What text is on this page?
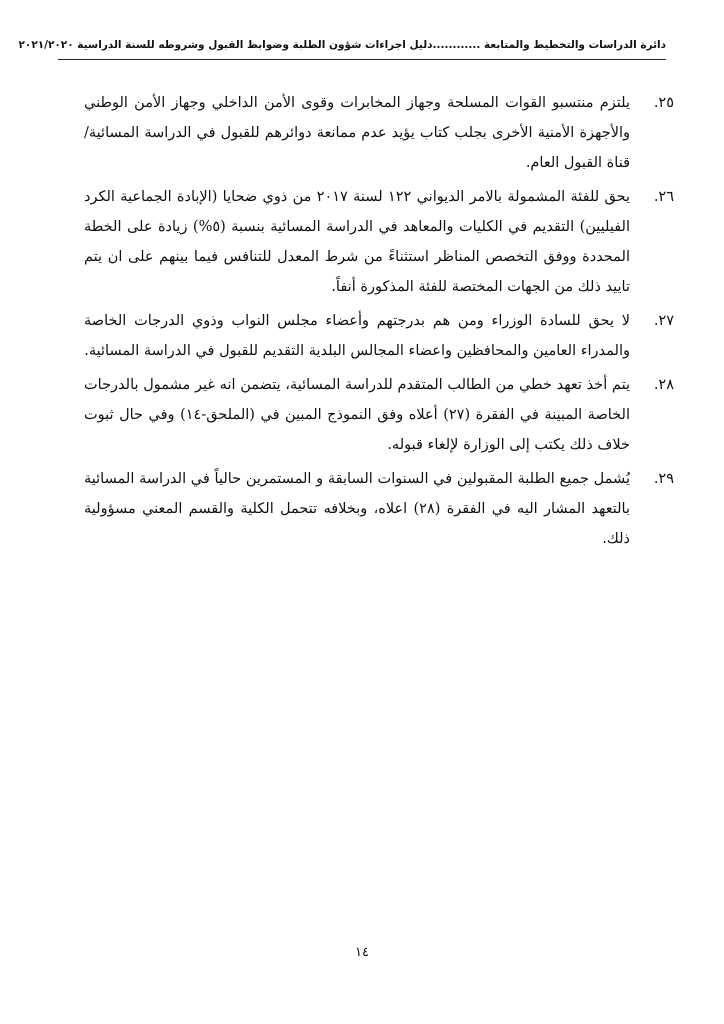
دائرة الدراسات والتخطيط والمتابعة ............دليل اجراءات شؤون الطلبة وضوابط القبول وشروطه للسنة الدراسية ٢٠٢١/٢٠٢٠
٢٥.
يلتزم منتسبو القوات المسلحة وجهاز المخابرات وقوى الأمن الداخلي وجهاز الأمن الوطني والأجهزة الأمنية الأخرى بجلب كتاب يؤيد عدم ممانعة دوائرهم للقبول في الدراسة المسائية/ قناة القبول العام.
٢٦.
يحق للفئة المشمولة بالامر الديواني ١٢٢ لسنة ٢٠١٧ من ذوي ضحايا (الإبادة الجماعية الكرد الفيليين) التقديم في الكليات والمعاهد في الدراسة المسائية بنسبة (٥%) زيادة على الخطة المحددة ووفق التخصص المناظر استثناءً من شرط المعدل للتنافس فيما بينهم على ان يتم تاييد ذلك من الجهات المختصة للفئة المذكورة أنفاً.
٢٧.
لا يحق للسادة الوزراء ومن هم بدرجتهم وأعضاء مجلس النواب وذوي الدرجات الخاصة والمدراء العامين والمحافظين واعضاء المجالس البلدية التقديم للقبول في الدراسة المسائية.
٢٨.
يتم أخذ تعهد خطي من الطالب المتقدم للدراسة المسائية، يتضمن انه غير مشمول بالدرجات الخاصة المبينة في الفقرة (٢٧) أعلاه وفق النموذج المبين في (الملحق-١٤) وفي حال ثبوت خلاف ذلك يكتب إلى الوزارة لإلغاء قبوله.
٢٩.
يُشمل جميع الطلبة المقبولين في السنوات السابقة و المستمرين حالياً في الدراسة المسائية بالتعهد المشار اليه في الفقرة (٢٨) اعلاه، وبخلافه تتحمل الكلية والقسم المعني مسؤولية ذلك.
١٤
